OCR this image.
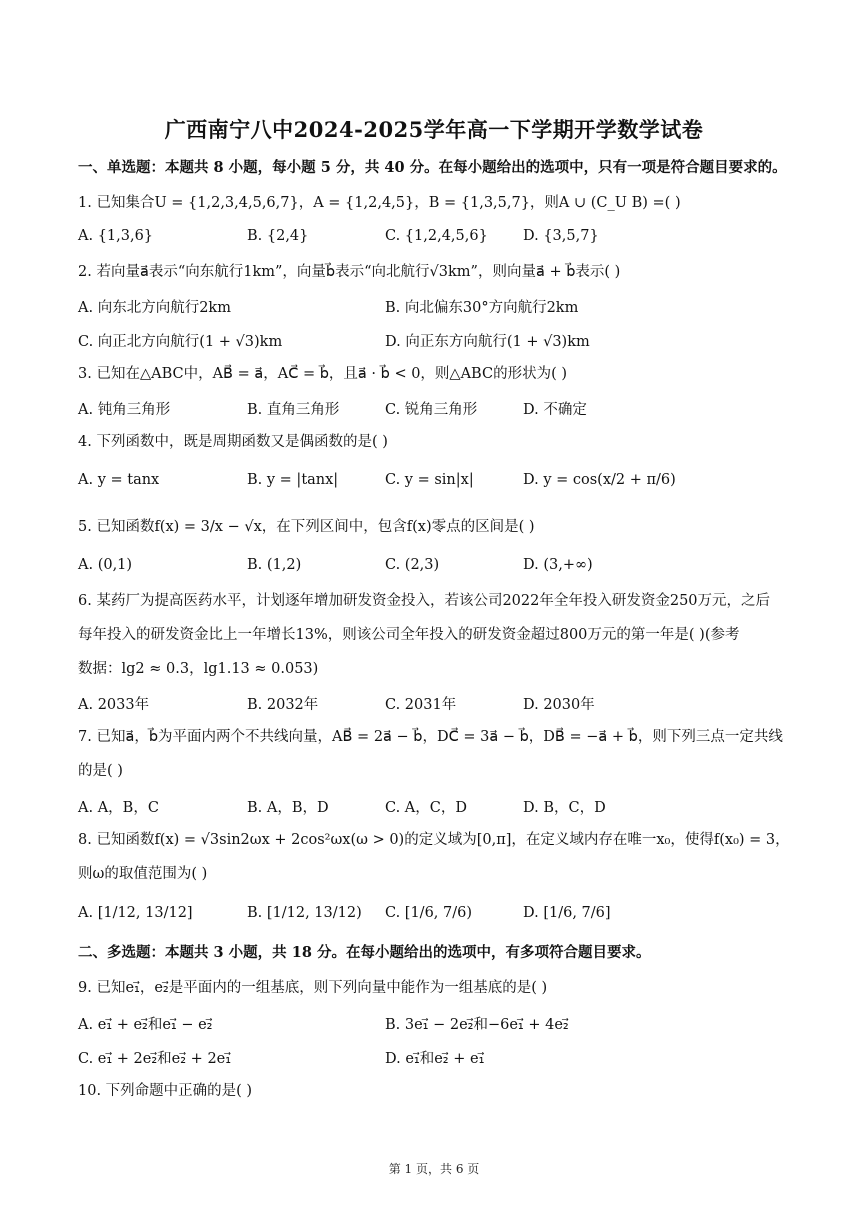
广西南宁八中2024-2025学年高一下学期开学数学试卷
一、单选题：本题共 8 小题，每小题 5 分，共 40 分。在每小题给出的选项中，只有一项是符合题目要求的。
1. 已知集合U = {1,2,3,4,5,6,7}，A = {1,2,4,5}，B = {1,3,5,7}，则A ∪ (C_U B) =( )
A. {1,3,6}	B. {2,4}	C. {1,2,4,5,6} D. {3,5,7}
2. 若向量a⃗表示“向东航行1km”，向量b⃗表示“向北航行√3km”，则向量a⃗ + b⃗表示( )
A. 向东北方向航行2km	B. 向北偏东30°方向航行2km
C. 向正北方向航行(1 + √3)km	D. 向正东方向航行(1 + √3)km
3. 已知在△ABC中，AB⃗ = a⃗，AC⃗ = b⃗，且a⃗ · b⃗ < 0，则△ABC的形状为( )
A. 钝角三角形	B. 直角三角形	C. 锐角三角形	D. 不确定
4. 下列函数中，既是周期函数又是偶函数的是( )
A. y = tanx	B. y = |tanx|	C. y = sin|x|	D. y = cos(x/2 + π/6)
5. 已知函数f(x) = 3/x − √x，在下列区间中，包含f(x)零点的区间是( )
A. (0,1)	B. (1,2)	C. (2,3)	D. (3,+∞)
6. 某药厂为提高医药水平，计划逐年增加研发资金投入，若该公司2022年全年投入研发资金250万元，之后
每年投入的研发资金比上一年增长13%，则该公司全年投入的研发资金超过800万元的第一年是( )(参考
数据：lg2 ≈ 0.3，lg1.13 ≈ 0.053)
A. 2033年	B. 2032年	C. 2031年	D. 2030年
7. 已知a⃗，b⃗为平面内两个不共线向量，AB⃗ = 2a⃗ − b⃗，DC⃗ = 3a⃗ − b⃗，DB⃗ = −a⃗ + b⃗，则下列三点一定共线
的是( )
A. A，B，C	B. A，B，D	C. A，C，D	D. B，C，D
8. 已知函数f(x) = √3sin2ωx + 2cos²ωx(ω > 0)的定义域为[0,π]，在定义域内存在唯一x₀，使得f(x₀) = 3，
则ω的取值范围为( )
A. [1/12, 13/12]	B. [1/12, 13/12) C. [1/6, 7/6)	D. [1/6, 7/6]
二、多选题：本题共 3 小题，共 18 分。在每小题给出的选项中，有多项符合题目要求。
9. 已知e₁⃗，e₂⃗是平面内的一组基底，则下列向量中能作为一组基底的是( )
A. e₁⃗ + e₂⃗和e₁⃗ − e₂⃗	B. 3e₁⃗ − 2e₂⃗和−6e₁⃗ + 4e₂⃗
C. e₁⃗ + 2e₂⃗和e₂⃗ + 2e₁⃗	D. e₁⃗和e₂⃗ + e₁⃗
10. 下列命题中正确的是( )
第 1 页，共 6 页
